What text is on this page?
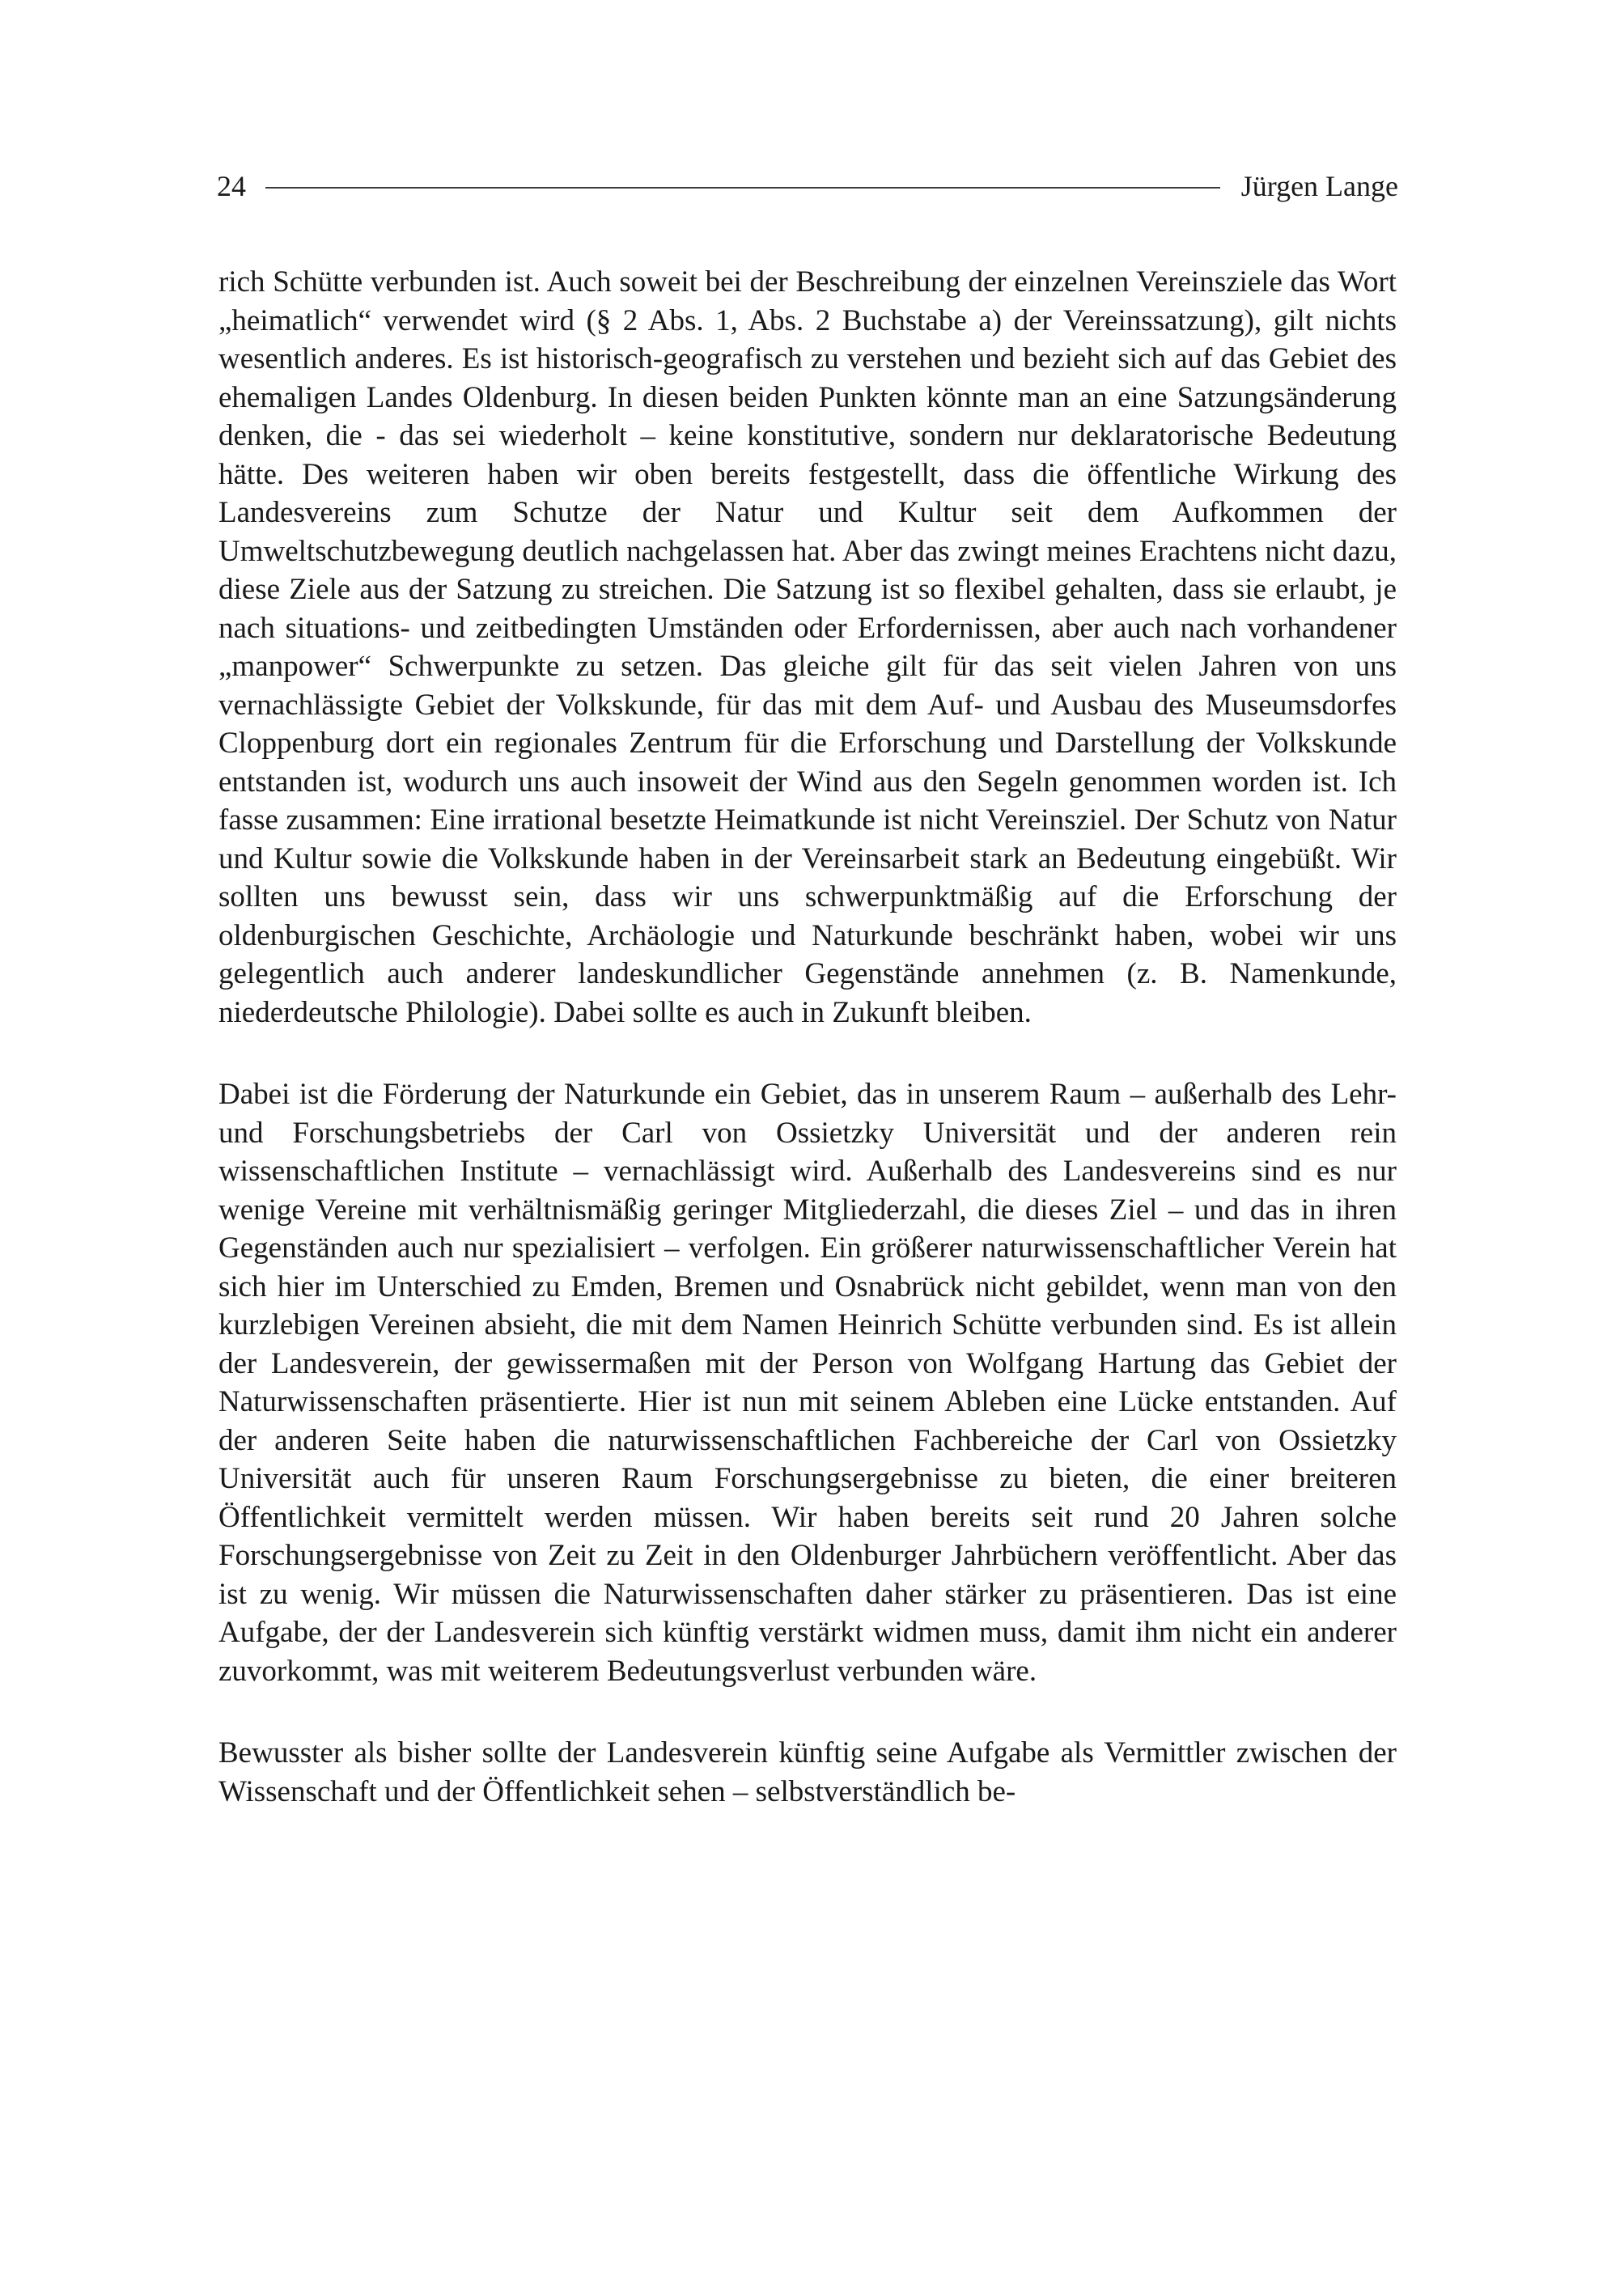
24	Jürgen Lange

rich Schütte verbunden ist. Auch soweit bei der Beschreibung der einzelnen Vereinsziele das Wort „heimatlich“ verwendet wird (§ 2 Abs. 1, Abs. 2 Buchstabe a) der Vereinssatzung), gilt nichts wesentlich anderes. Es ist historisch-geografisch zu verstehen und bezieht sich auf das Gebiet des ehemaligen Landes Oldenburg. In diesen beiden Punkten könnte man an eine Satzungsänderung denken, die - das sei wiederholt – keine konstitutive, sondern nur deklaratorische Bedeutung hätte. Des weiteren haben wir oben bereits festgestellt, dass die öffentliche Wirkung des Landesvereins zum Schutze der Natur und Kultur seit dem Aufkommen der Umweltschutzbewegung deutlich nachgelassen hat. Aber das zwingt meines Erachtens nicht dazu, diese Ziele aus der Satzung zu streichen. Die Satzung ist so flexibel gehalten, dass sie erlaubt, je nach situations- und zeitbedingten Umständen oder Erfordernissen, aber auch nach vorhandener „manpower“ Schwerpunkte zu setzen. Das gleiche gilt für das seit vielen Jahren von uns vernachlässigte Gebiet der Volkskunde, für das mit dem Auf- und Ausbau des Museumsdorfes Cloppenburg dort ein regionales Zentrum für die Erforschung und Darstellung der Volkskunde entstanden ist, wodurch uns auch insoweit der Wind aus den Segeln genommen worden ist. Ich fasse zusammen: Eine irrational besetzte Heimatkunde ist nicht Vereinsziel. Der Schutz von Natur und Kultur sowie die Volkskunde haben in der Vereinsarbeit stark an Bedeutung eingebüßt. Wir sollten uns bewusst sein, dass wir uns schwerpunktmäßig auf die Erforschung der oldenburgischen Geschichte, Archäologie und Naturkunde beschränkt haben, wobei wir uns gelegentlich auch anderer landeskundlicher Gegenstände annehmen (z. B. Namenkunde, niederdeutsche Philologie). Dabei sollte es auch in Zukunft bleiben.

Dabei ist die Förderung der Naturkunde ein Gebiet, das in unserem Raum – außerhalb des Lehr- und Forschungsbetriebs der Carl von Ossietzky Universität und der anderen rein wissenschaftlichen Institute – vernachlässigt wird. Außerhalb des Landesvereins sind es nur wenige Vereine mit verhältnismäßig geringer Mitgliederzahl, die dieses Ziel – und das in ihren Gegenständen auch nur spezialisiert – verfolgen. Ein größerer naturwissenschaftlicher Verein hat sich hier im Unterschied zu Emden, Bremen und Osnabrück nicht gebildet, wenn man von den kurzlebigen Vereinen absieht, die mit dem Namen Heinrich Schütte verbunden sind. Es ist allein der Landesverein, der gewissermaßen mit der Person von Wolfgang Hartung das Gebiet der Naturwissenschaften präsentierte. Hier ist nun mit seinem Ableben eine Lücke entstanden. Auf der anderen Seite haben die naturwissenschaftlichen Fachbereiche der Carl von Ossietzky Universität auch für unseren Raum Forschungsergebnisse zu bieten, die einer breiteren Öffentlichkeit vermittelt werden müssen. Wir haben bereits seit rund 20 Jahren solche Forschungsergebnisse von Zeit zu Zeit in den Oldenburger Jahrbüchern veröffentlicht. Aber das ist zu wenig. Wir müssen die Naturwissenschaften daher stärker zu präsentieren. Das ist eine Aufgabe, der der Landesverein sich künftig verstärkt widmen muss, damit ihm nicht ein anderer zuvorkommt, was mit weiterem Bedeutungsverlust verbunden wäre.

Bewusster als bisher sollte der Landesverein künftig seine Aufgabe als Vermittler zwischen der Wissenschaft und der Öffentlichkeit sehen – selbstverständlich be-
